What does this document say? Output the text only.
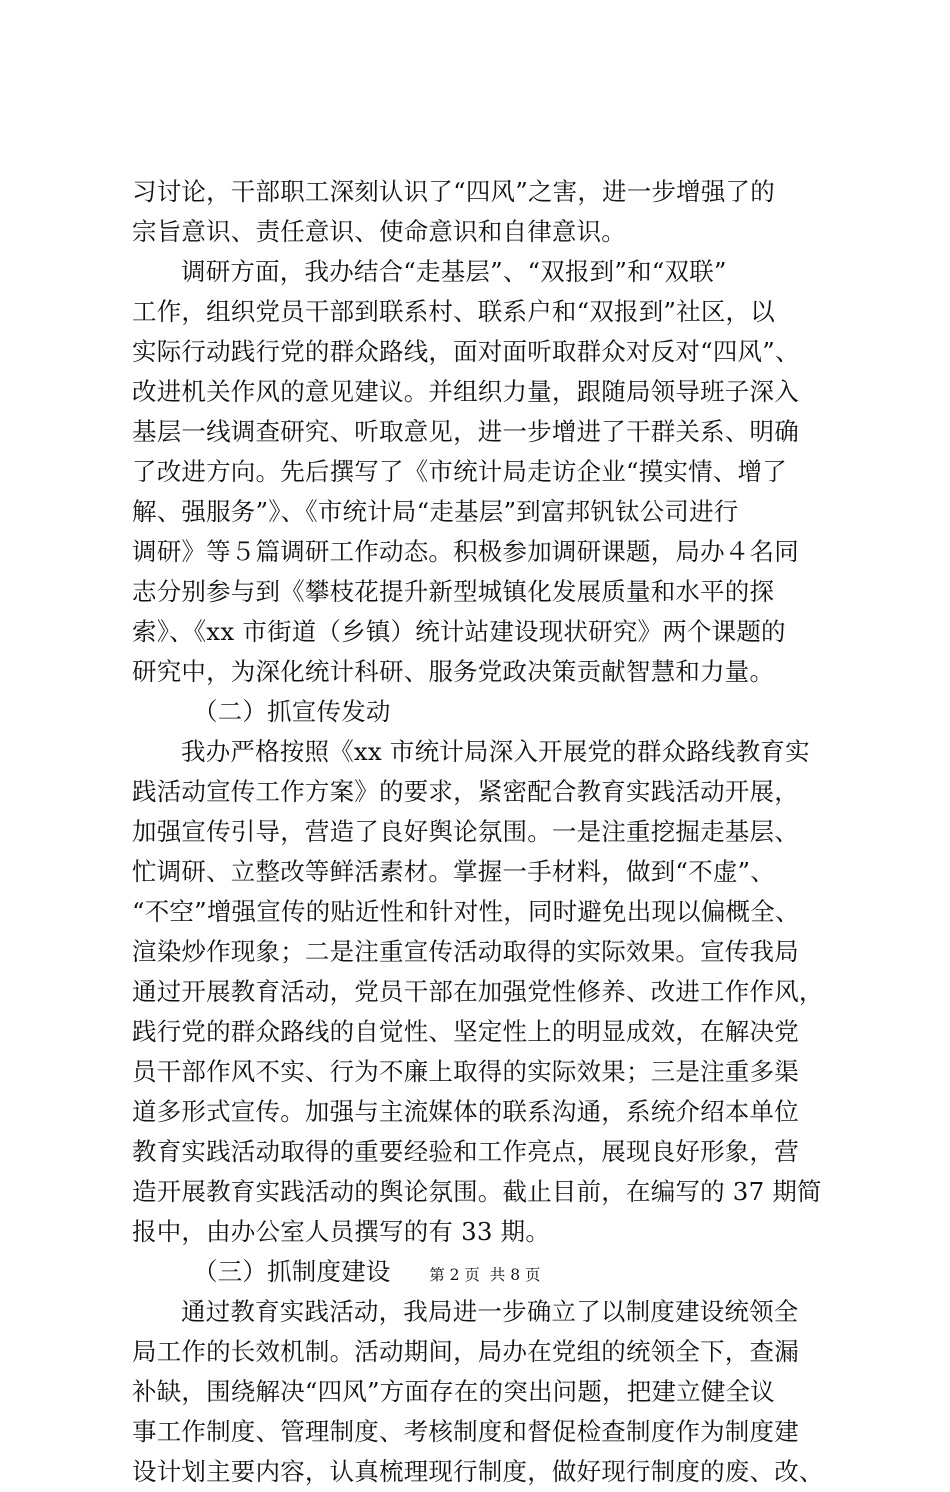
习讨论，干部职工深刻认识了“四风”之害，进一步增强了的
宗旨意识、责任意识、使命意识和自律意识。
调研方面，我办结合“走基层”、“双报到”和“双联”
工作，组织党员干部到联系村、联系户和“双报到”社区，以
实际行动践行党的群众路线，面对面听取群众对反对“四风”、
改进机关作风的意见建议。并组织力量，跟随局领导班子深入
基层一线调查研究、听取意见，进一步增进了干群关系、明确
了改进方向。先后撰写了《市统计局走访企业“摸实情、增了
解、强服务”》、《市统计局“走基层”到富邦钒钛公司进行
调研》等５篇调研工作动态。积极参加调研课题，局办４名同
志分别参与到《攀枝花提升新型城镇化发展质量和水平的探
索》、《xx 市街道（乡镇）统计站建设现状研究》两个课题的
研究中，为深化统计科研、服务党政决策贡献智慧和力量。
（二）抓宣传发动
我办严格按照《xx 市统计局深入开展党的群众路线教育实
践活动宣传工作方案》的要求，紧密配合教育实践活动开展，
加强宣传引导，营造了良好舆论氛围。一是注重挖掘走基层、
忙调研、立整改等鲜活素材。掌握一手材料，做到“不虚”、
“不空”增强宣传的贴近性和针对性，同时避免出现以偏概全、
渲染炒作现象；二是注重宣传活动取得的实际效果。宣传我局
通过开展教育活动，党员干部在加强党性修养、改进工作作风，
践行党的群众路线的自觉性、坚定性上的明显成效，在解决党
员干部作风不实、行为不廉上取得的实际效果；三是注重多渠
道多形式宣传。加强与主流媒体的联系沟通，系统介绍本单位
教育实践活动取得的重要经验和工作亮点，展现良好形象，营
造开展教育实践活动的舆论氛围。截止目前，在编写的 37 期简
报中，由办公室人员撰写的有 33 期。
（三）抓制度建设
通过教育实践活动，我局进一步确立了以制度建设统领全
局工作的长效机制。活动期间，局办在党组的统领全下，查漏
补缺，围绕解决“四风”方面存在的突出问题，把建立健全议
事工作制度、管理制度、考核制度和督促检查制度作为制度建
设计划主要内容，认真梳理现行制度，做好现行制度的废、改、

第 2 页  共 8 页
